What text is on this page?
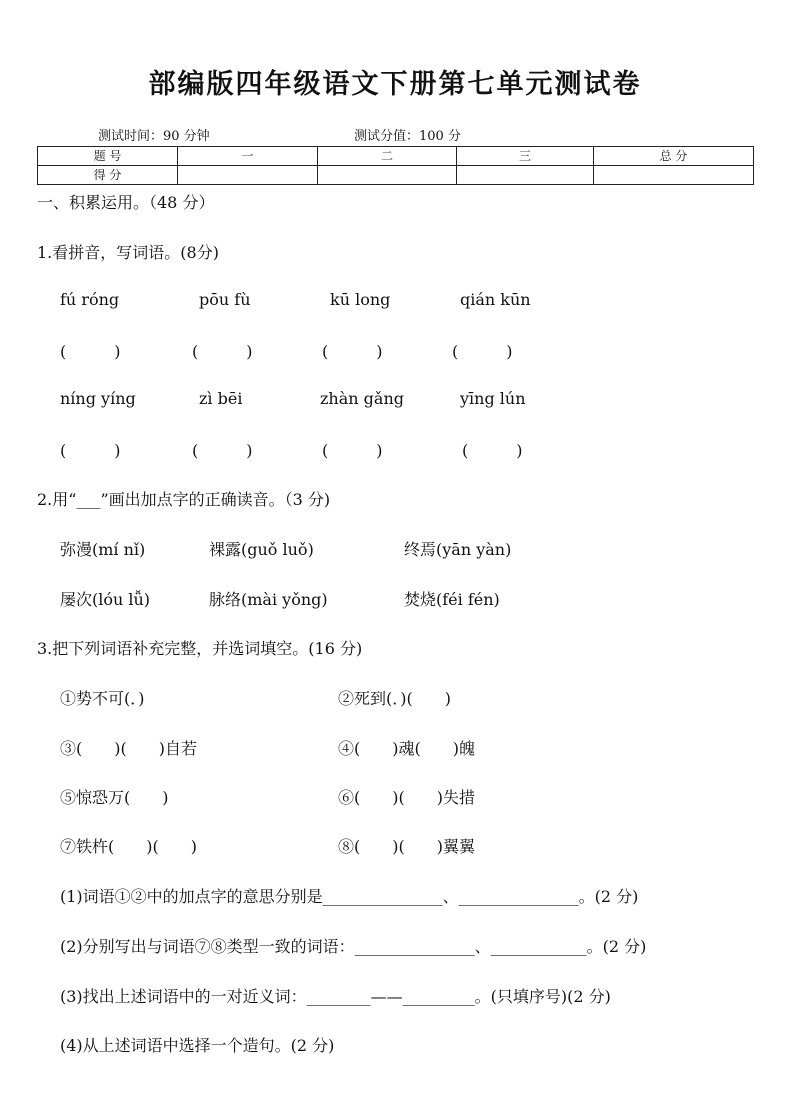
部编版四年级语文下册第七单元测试卷
测试时间：90 分钟	测试分值：100 分
题 号	一	二	三	总 分
得 分				
一、积累运用。（48 分）
1.看拼音，写词语。(8分)
fú róng	pōu fù	kū long	qián kūn
(　　　)	(　　　)	(　　　)	(　　　)
níng yíng	zì bēi	zhàn gǎng	yīng lún
(　　　)	(　　　)	(　　　)	(　　　)
2.用“___”画出加点字的正确读音。（3 分)
弥漫(mí nǐ)	裸露(guǒ luǒ)	终焉(yān yàn)
屡次(lóu lǚ)	脉络(mài yǒng)	焚烧(féi fén)
3.把下列词语补充完整，并选词填空。(16 分)
①势不可(．)	②死到(．)(　　)
③(　　)(　　)自若	④(　　)魂(　　)魄
⑤惊恐万(　　)	⑥(　　)(　　)失措
⑦铁杵(　　)(　　)	⑧(　　)(　　)翼翼
(1)词语①②中的加点字的意思分别是_______________、_______________。(2 分)
(2)分别写出与词语⑦⑧类型一致的词语：_______________、____________。(2 分)
(3)找出上述词语中的一对近义词：________——_________。(只填序号)(2 分)
(4)从上述词语中选择一个造句。(2 分)
